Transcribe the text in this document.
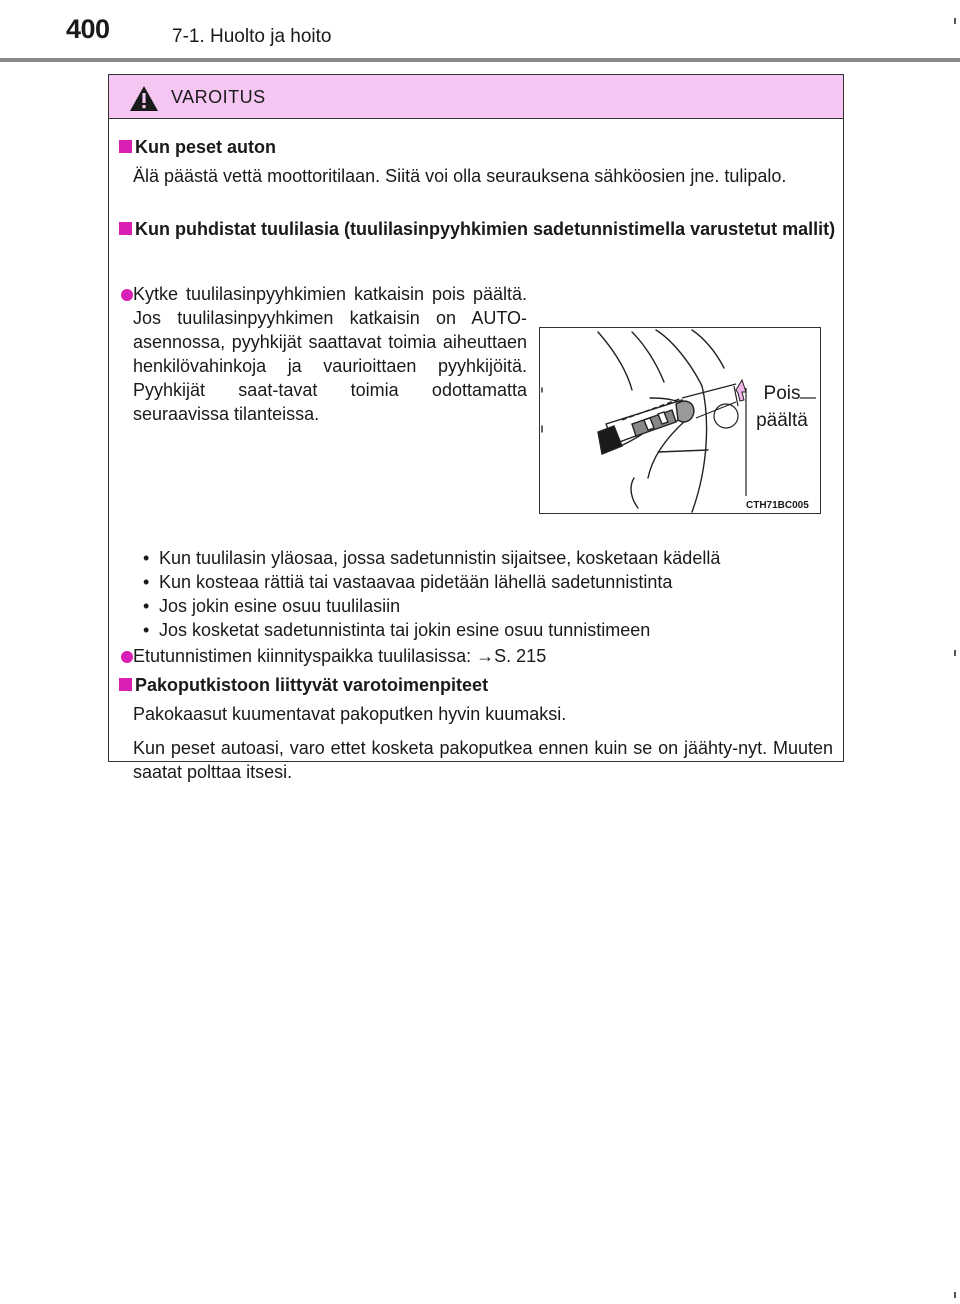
400	7-1. Huolto ja hoito
VAROITUS
Kun peset auton
Älä päästä vettä moottoritilaan. Siitä voi olla seurauksena sähköosien jne. tulipalo.
Kun puhdistat tuulilasia (tuulilasinpyyhkimien sadetunnistimella varustetut mallit)
Kytke tuulilasinpyyhkimien katkaisin pois päältä. Jos tuulilasinpyyhkimen katkaisin on AUTO-asennossa, pyyhkijät saattavat toimia aiheuttaen henkilövahinkoja ja vaurioittaen pyyhkijöitä. Pyyhkijät saat-tavat toimia odottamatta seuraavissa tilanteissa.
Pois
päältä
CTH71BC005
• Kun tuulilasin yläosaa, jossa sadetunnistin sijaitsee, kosketaan kädellä
• Kun kosteaa rättiä tai vastaavaa pidetään lähellä sadetunnistinta
• Jos jokin esine osuu tuulilasiin
• Jos kosketat sadetunnistinta tai jokin esine osuu tunnistimeen
Etutunnistimen kiinnityspaikka tuulilasissa: →S. 215
Pakoputkistoon liittyvät varotoimenpiteet
Pakokaasut kuumentavat pakoputken hyvin kuumaksi.
Kun peset autoasi, varo ettet kosketa pakoputkea ennen kuin se on jäähty-nyt. Muuten saatat polttaa itsesi.
